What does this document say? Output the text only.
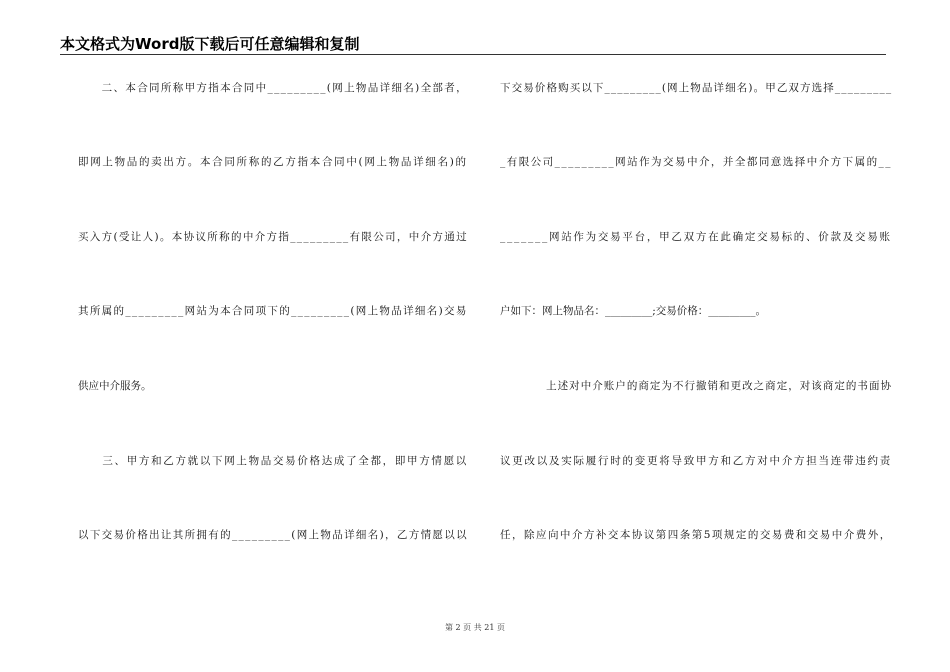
本文格式为Word版下载后可任意编辑和复制
　　二、本合同所称甲方指本合同中_________(网上物品详细名)全部者，
即网上物品的卖出方。本合同所称的乙方指本合同中(网上物品详细名)的
买入方(受让人)。本协议所称的中介方指_________有限公司，中介方通过
其所属的_________网站为本合同项下的_________(网上物品详细名)交易
供应中介服务。
　　三、甲方和乙方就以下网上物品交易价格达成了全都，即甲方情愿以
以下交易价格出让其所拥有的_________(网上物品详细名)，乙方情愿以以
下交易价格购买以下_________(网上物品详细名)。甲乙双方选择_________
_有限公司_________网站作为交易中介，并全都同意选择中介方下属的__
_______网站作为交易平台，甲乙双方在此确定交易标的、价款及交易账
户如下：网上物品名：_________;交易价格：_________。
　　　　上述对中介账户的商定为不行撤销和更改之商定，对该商定的书面协
议更改以及实际履行时的变更将导致甲方和乙方对中介方担当连带违约责
任，除应向中介方补交本协议第四条第5项规定的交易费和交易中介费外，
第 2 页 共 21 页
